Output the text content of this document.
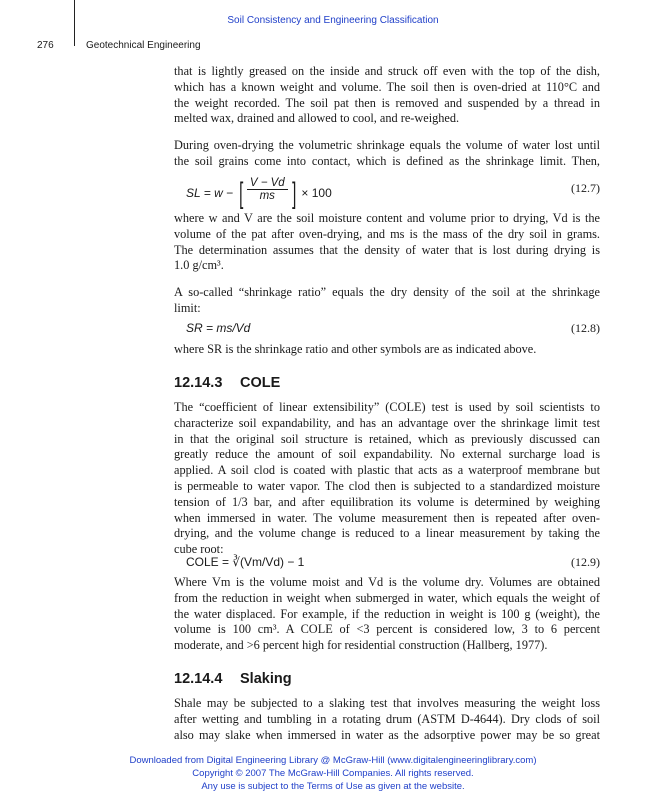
Soil Consistency and Engineering Classification
276	Geotechnical Engineering
that is lightly greased on the inside and struck off even with the top of the dish,
which has a known weight and volume. The soil then is oven-dried at 110°C and
the weight recorded. The soil pat then is removed and suspended by a thread in
melted wax, drained and allowed to cool, and re-weighed.
During oven-drying the volumetric shrinkage equals the volume of water lost until
the soil grains come into contact, which is defined as the shrinkage limit. Then,
SL = w − [ $\frac{V - Vd}{ms}$ ] × 100	(12.7)
where w and V are the soil moisture content and volume prior to drying, Vd is the
volume of the pat after oven-drying, and ms is the mass of the dry soil in grams.
The determination assumes that the density of water that is lost during drying is
1.0 g/cm³.
A so-called “shrinkage ratio” equals the dry density of the soil at the shrinkage
limit:
SR = ms/Vd	(12.8)
where SR is the shrinkage ratio and other symbols are as indicated above.
12.14.3 COLE
The “coefficient of linear extensibility” (COLE) test is used by soil scientists to
characterize soil expandability, and has an advantage over the shrinkage limit test
in that the original soil structure is retained, which as previously discussed can
greatly reduce the amount of soil expandability. No external surcharge load is
applied. A soil clod is coated with plastic that acts as a waterproof membrane but
is permeable to water vapor. The clod then is subjected to a standardized moisture
tension of 1/3 bar, and after equilibration its volume is determined by weighing
when immersed in water. The volume measurement then is repeated after oven-
drying, and the volume change is reduced to a linear measurement by taking the
cube root:
COLE = ∛(Vm/Vd) − 1	(12.9)
Where Vm is the volume moist and Vd is the volume dry. Volumes are obtained
from the reduction in weight when submerged in water, which equals the weight of
the water displaced. For example, if the reduction in weight is 100 g (weight), the
volume is 100 cm³. A COLE of <3 percent is considered low, 3 to 6 percent
moderate, and >6 percent high for residential construction (Hallberg, 1977).
12.14.4 Slaking
Shale may be subjected to a slaking test that involves measuring the weight loss
after wetting and tumbling in a rotating drum (ASTM D-4644). Dry clods of soil
also may slake when immersed in water as the adsorptive power may be so great
Downloaded from Digital Engineering Library @ McGraw-Hill (www.digitalengineeringlibrary.com)
Copyright © 2007 The McGraw-Hill Companies. All rights reserved.
Any use is subject to the Terms of Use as given at the website.
